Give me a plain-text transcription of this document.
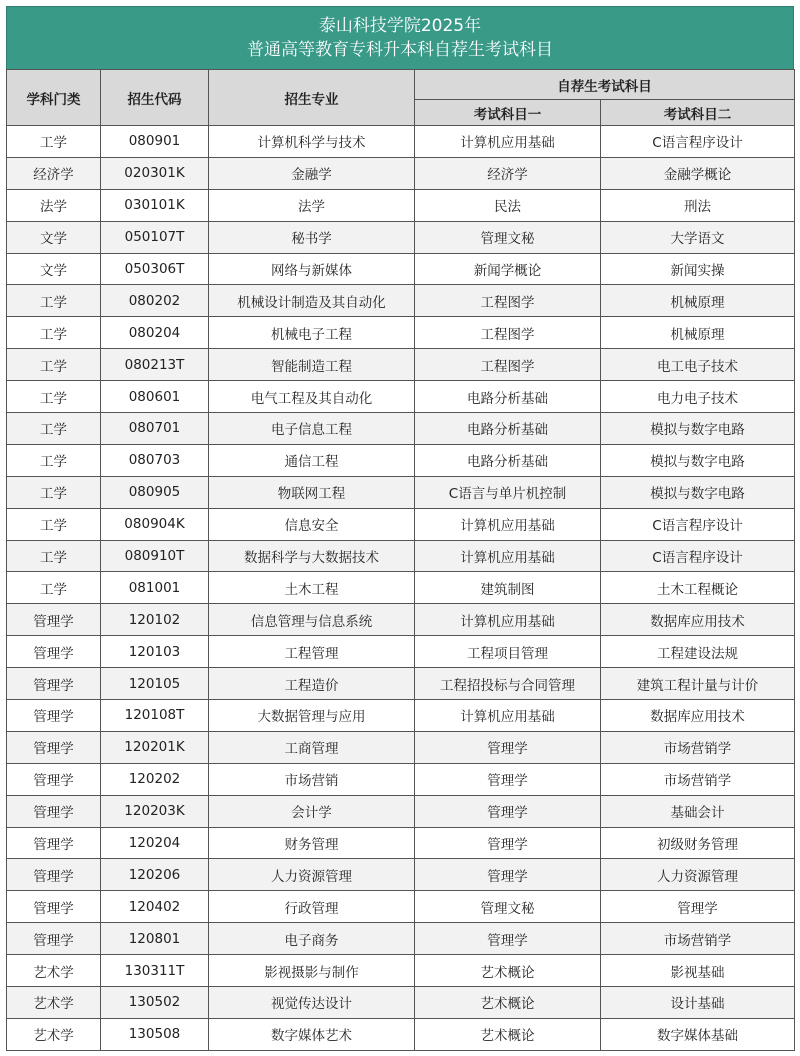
泰山科技学院2025年
普通高等教育专科升本科自荐生考试科目
学科门类	招生代码	招生专业	自荐生考试科目	
			考试科目一	考试科目二
工学	080901	计算机科学与技术	计算机应用基础	C语言程序设计
经济学	020301K	金融学	经济学	金融学概论
法学	030101K	法学	民法	刑法
文学	050107T	秘书学	管理文秘	大学语文
文学	050306T	网络与新媒体	新闻学概论	新闻实操
工学	080202	机械设计制造及其自动化	工程图学	机械原理
工学	080204	机械电子工程	工程图学	机械原理
工学	080213T	智能制造工程	工程图学	电工电子技术
工学	080601	电气工程及其自动化	电路分析基础	电力电子技术
工学	080701	电子信息工程	电路分析基础	模拟与数字电路
工学	080703	通信工程	电路分析基础	模拟与数字电路
工学	080905	物联网工程	C语言与单片机控制	模拟与数字电路
工学	080904K	信息安全	计算机应用基础	C语言程序设计
工学	080910T	数据科学与大数据技术	计算机应用基础	C语言程序设计
工学	081001	土木工程	建筑制图	土木工程概论
管理学	120102	信息管理与信息系统	计算机应用基础	数据库应用技术
管理学	120103	工程管理	工程项目管理	工程建设法规
管理学	120105	工程造价	工程招投标与合同管理	建筑工程计量与计价
管理学	120108T	大数据管理与应用	计算机应用基础	数据库应用技术
管理学	120201K	工商管理	管理学	市场营销学
管理学	120202	市场营销	管理学	市场营销学
管理学	120203K	会计学	管理学	基础会计
管理学	120204	财务管理	管理学	初级财务管理
管理学	120206	人力资源管理	管理学	人力资源管理
管理学	120402	行政管理	管理文秘	管理学
管理学	120801	电子商务	管理学	市场营销学
艺术学	130311T	影视摄影与制作	艺术概论	影视基础
艺术学	130502	视觉传达设计	艺术概论	设计基础
艺术学	130508	数字媒体艺术	艺术概论	数字媒体基础
